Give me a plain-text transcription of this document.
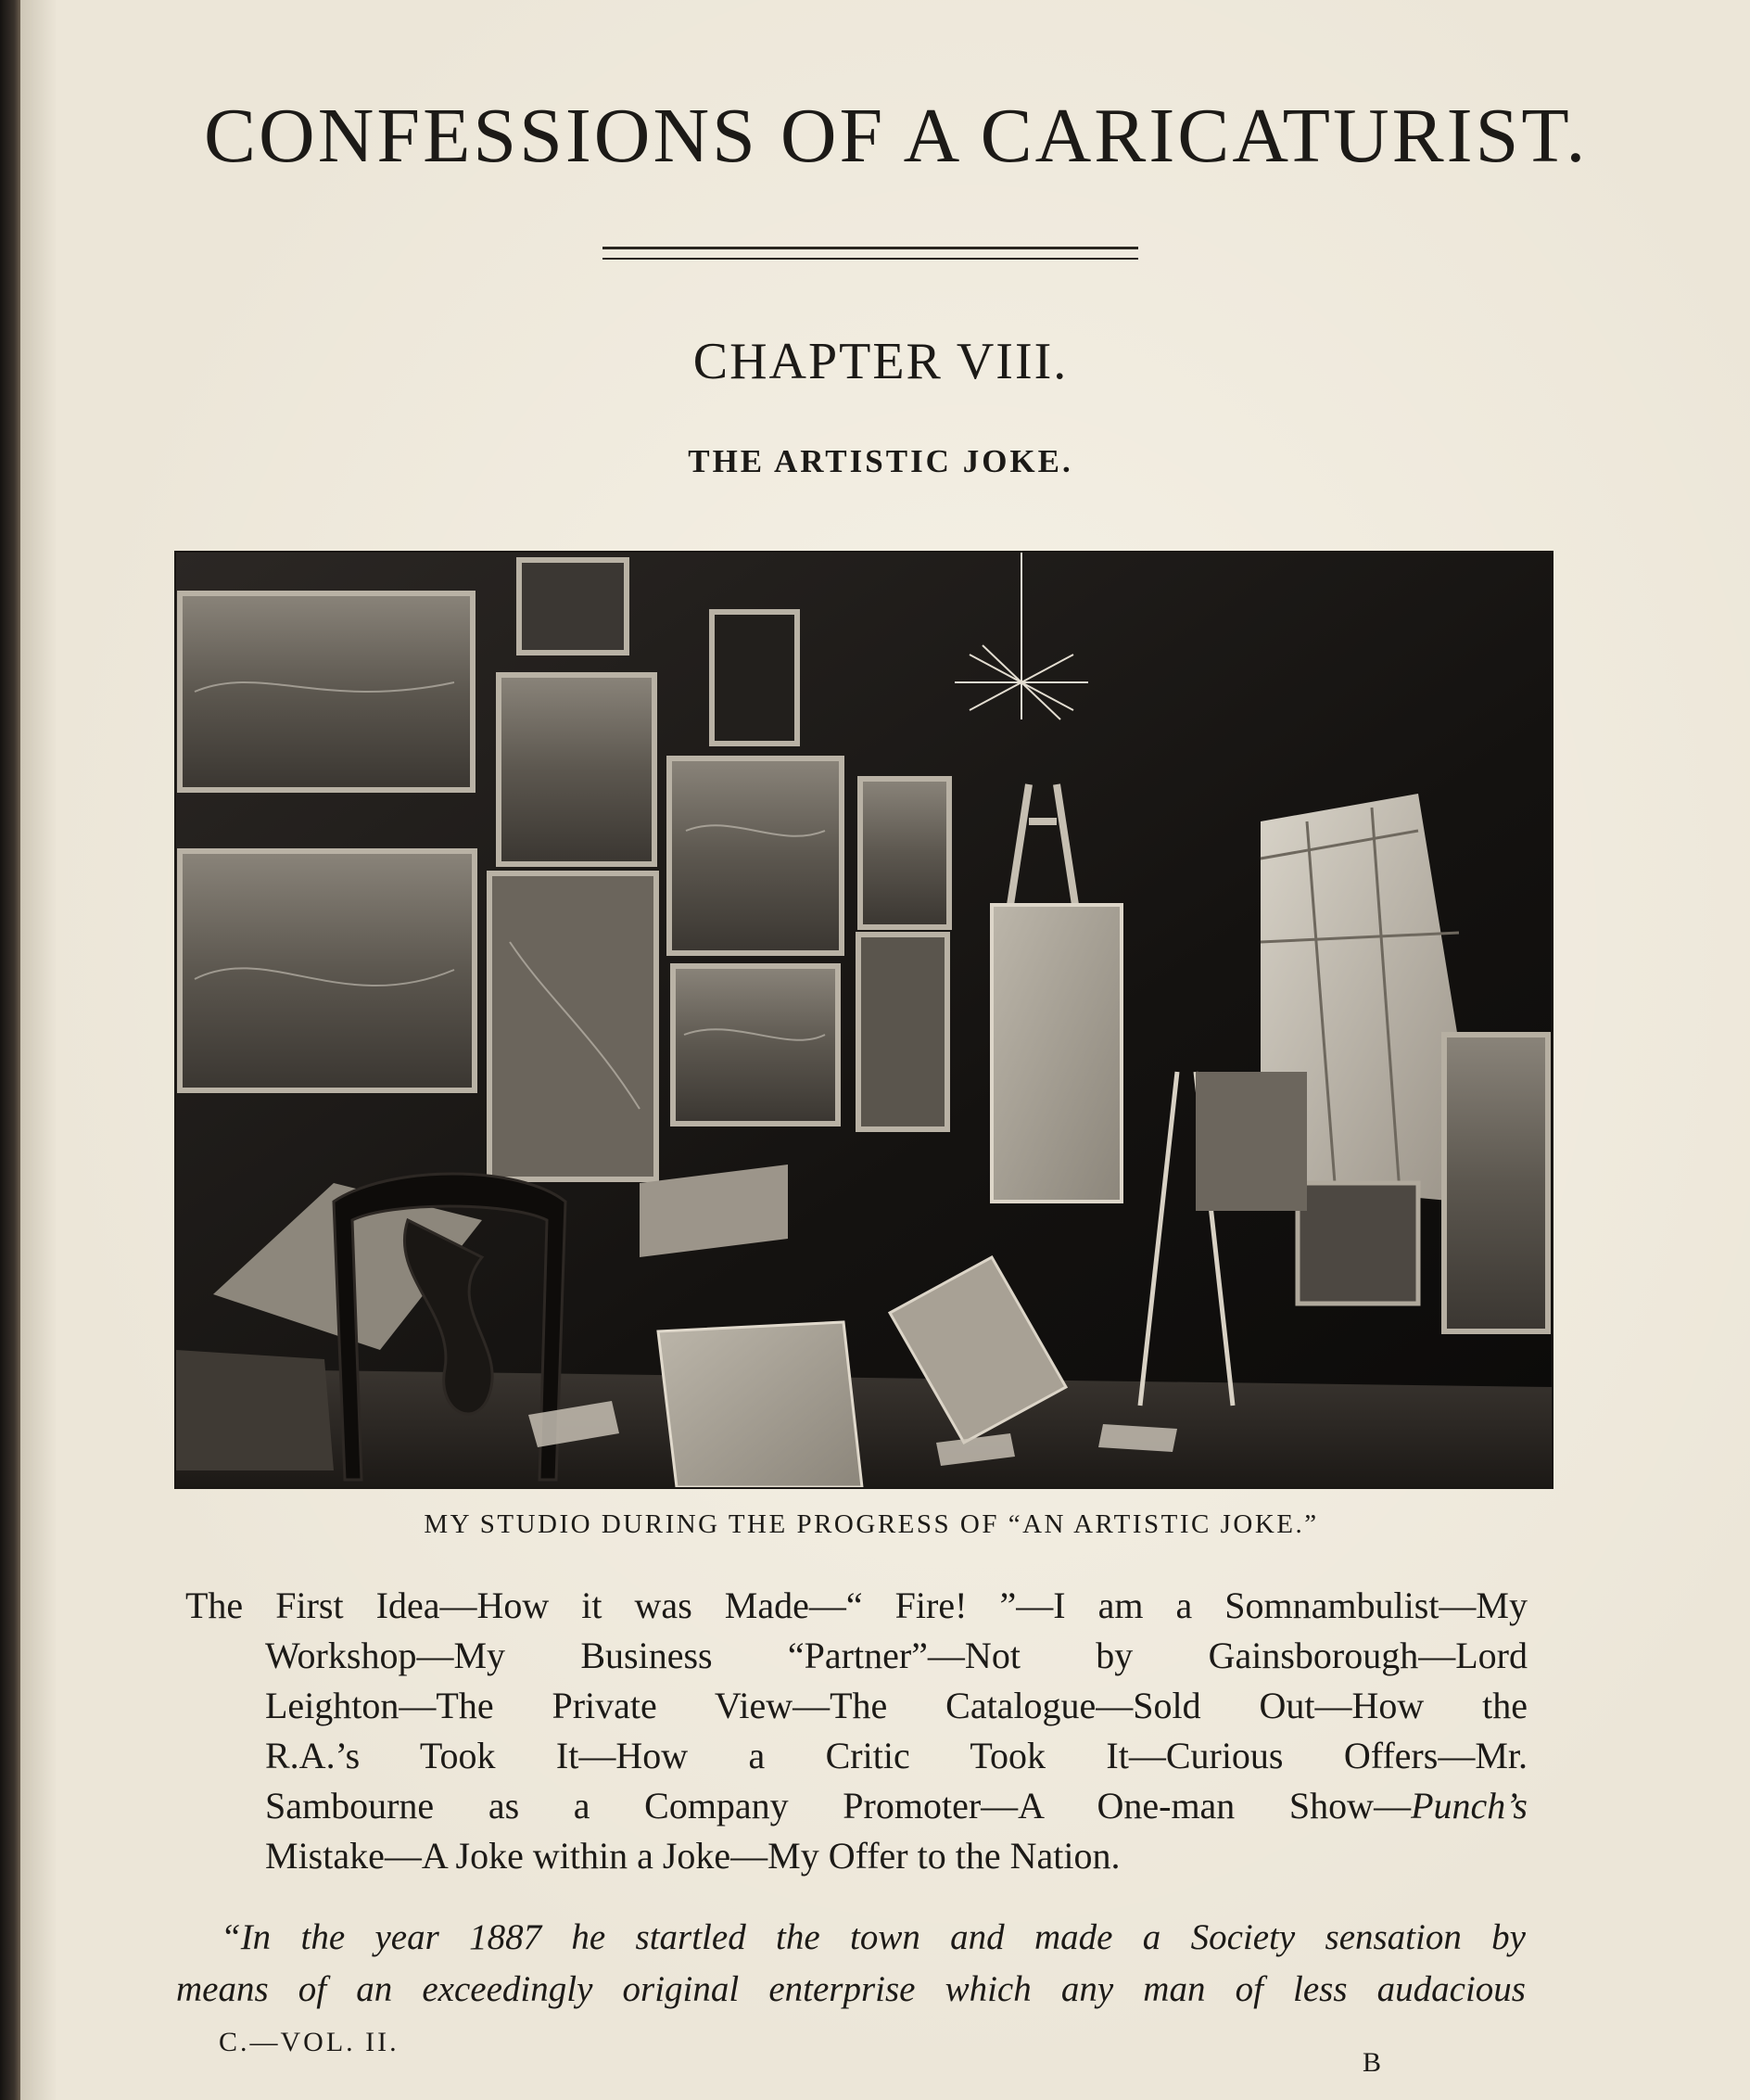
CONFESSIONS OF A CARICATURIST.
CHAPTER VIII.
THE ARTISTIC JOKE.

MY STUDIO DURING THE PROGRESS OF “AN ARTISTIC JOKE.”

The First Idea—How it was Made—“ Fire! ”—I am a Somnambulist—My
Workshop—My Business “Partner”—Not by Gainsborough—Lord
Leighton—The Private View—The Catalogue—Sold Out—How the
R.A.’s Took It—How a Critic Took It—Curious Offers—Mr.
Sambourne as a Company Promoter—A One-man Show—Punch’s
Mistake—A Joke within a Joke—My Offer to the Nation.

“In the year 1887 he startled the town and made a Society sensation by
means of an exceedingly original enterprise which any man of less audacious

C.—VOL. II.

B
